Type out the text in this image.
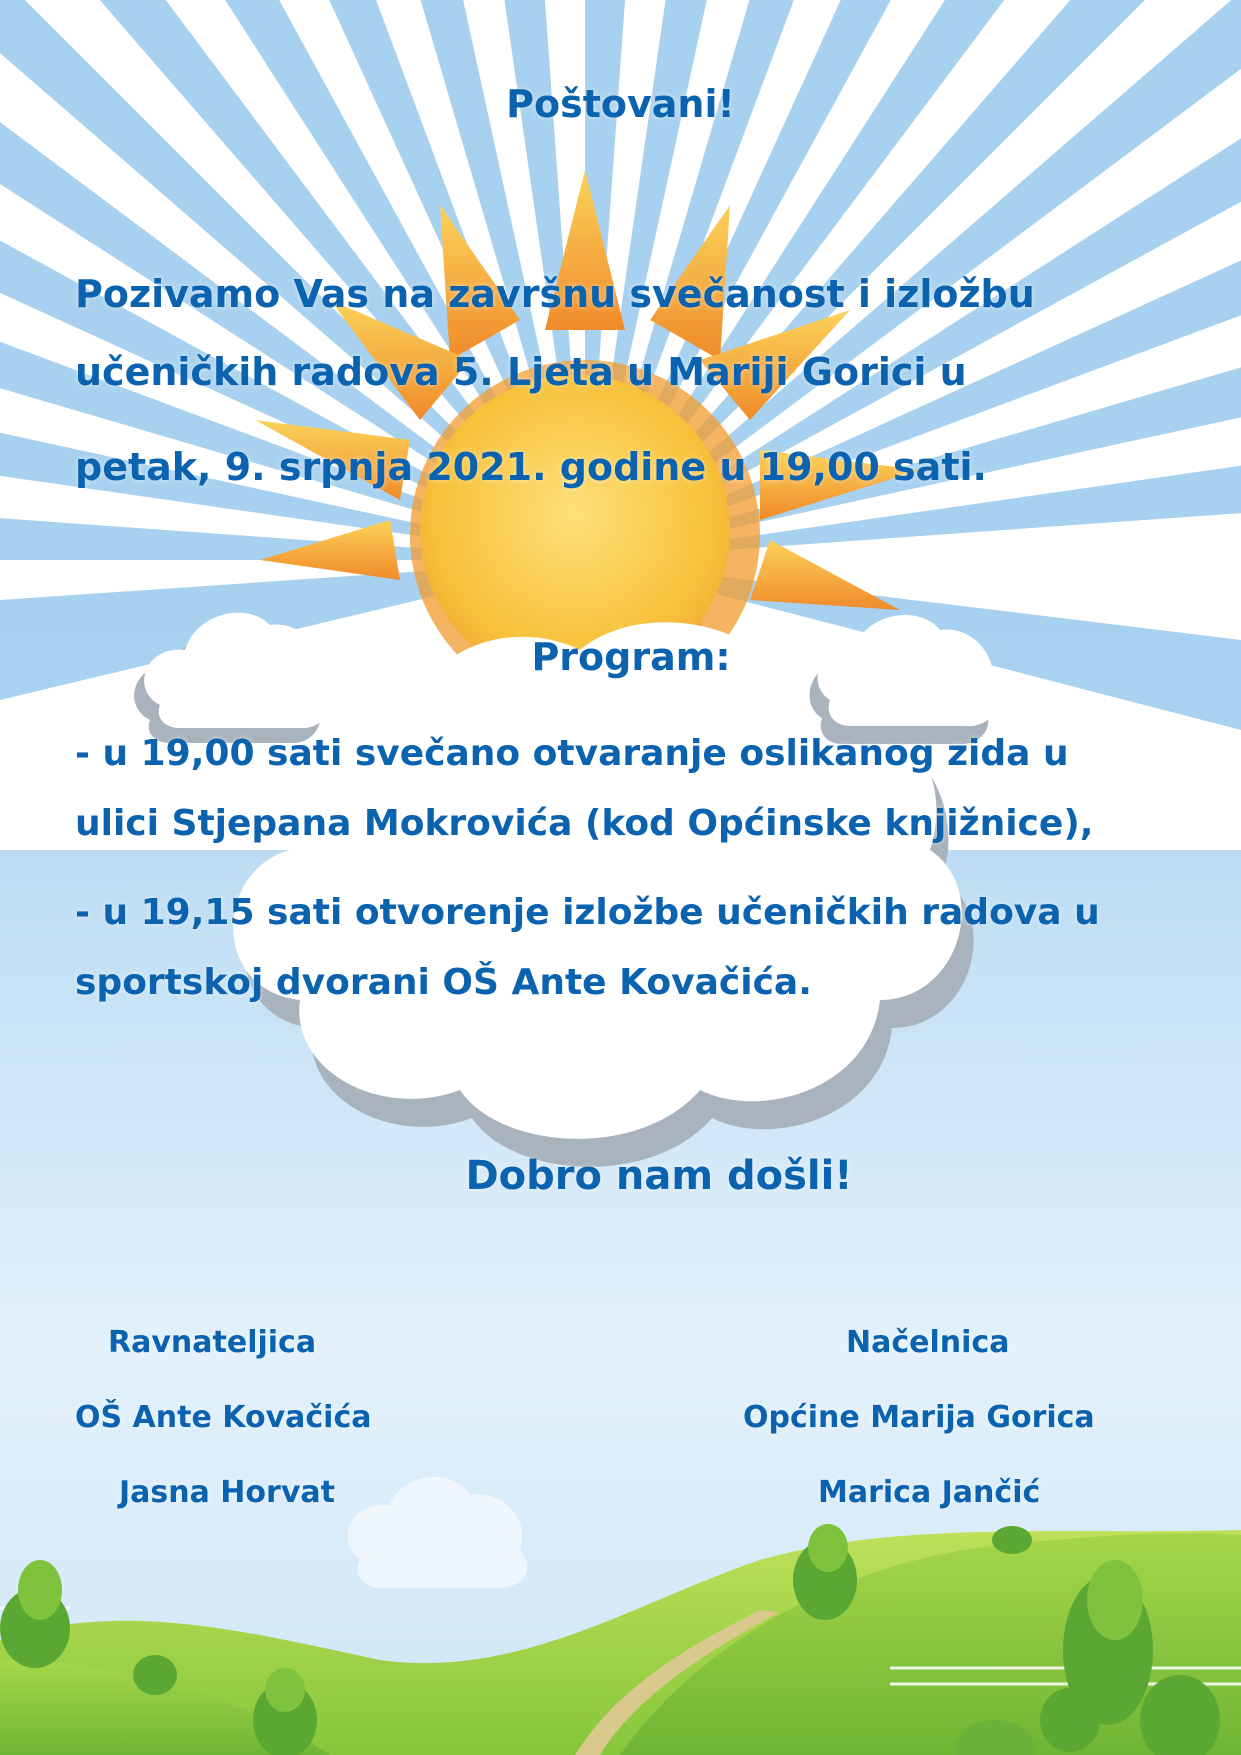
Poštovani!

Pozivamo Vas na završnu svečanost i izložbu

učeničkih radova 5. Ljeta u Mariji Gorici u

petak, 9. srpnja 2021. godine u 19,00 sati.

Program:

- u 19,00 sati svečano otvaranje oslikanog zida u

ulici Stjepana Mokrovića (kod Općinske knjižnice),

- u 19,15 sati otvorenje izložbe učeničkih radova u

sportskoj dvorani OŠ Ante Kovačića.

Dobro nam došli!

Ravnateljica

OŠ Ante Kovačića

Jasna Horvat

Načelnica

Općine Marija Gorica

Marica Jančić
